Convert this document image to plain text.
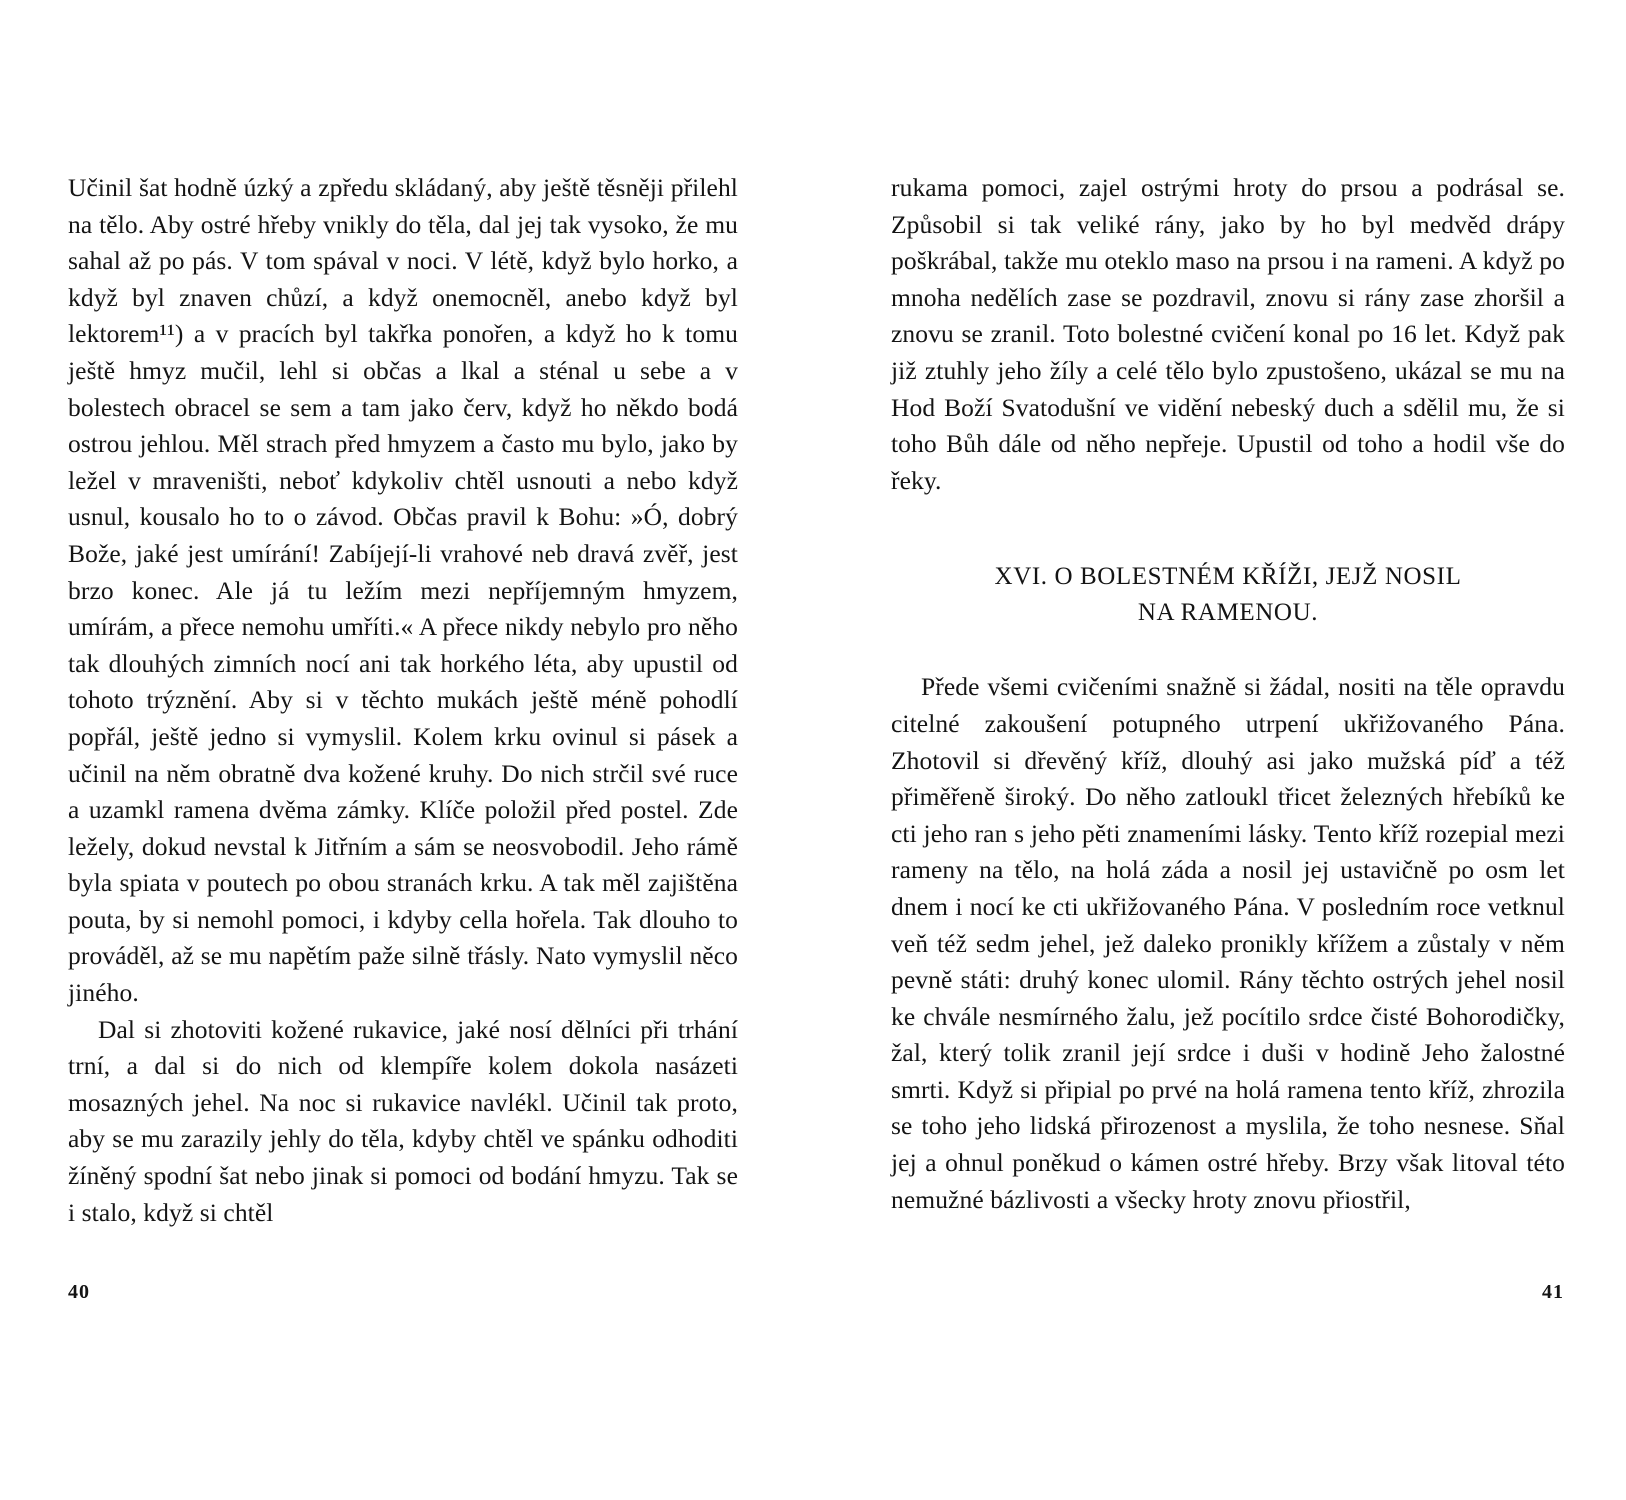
Učinil šat hodně úzký a zpředu skládaný, aby ještě těsněji přilehl na tělo. Aby ostré hřeby vnikly do těla, dal jej tak vysoko, že mu sahal až po pás. V tom spával v noci. V létě, když bylo horko, a když byl znaven chůzí, a když onemocněl, anebo když byl lektorem¹¹) a v pracích byl takřka ponořen, a když ho k tomu ještě hmyz mučil, lehl si občas a lkal a sténal u sebe a v bolestech obracel se sem a tam jako červ, když ho někdo bodá ostrou jehlou. Měl strach před hmyzem a často mu bylo, jako by ležel v mraveništi, neboť kdykoliv chtěl usnouti a nebo když usnul, kousalo ho to o závod. Občas pravil k Bohu: »Ó, dobrý Bože, jaké jest umírání! Zabíjejí-li vrahové neb dravá zvěř, jest brzo konec. Ale já tu ležím mezi nepříjemným hmyzem, umírám, a přece nemohu umříti.« A přece nikdy nebylo pro něho tak dlouhých zimních nocí ani tak horkého léta, aby upustil od tohoto trýznění. Aby si v těchto mukách ještě méně pohodlí popřál, ještě jedno si vymyslil. Kolem krku ovinul si pásek a učinil na něm obratně dva kožené kruhy. Do nich strčil své ruce a uzamkl ramena dvěma zámky. Klíče položil před postel. Zde ležely, dokud nevstal k Jitřním a sám se neosvobodil. Jeho rámě byla spiata v poutech po obou stranách krku. A tak měl zajištěna pouta, by si nemohl pomoci, i kdyby cella hořela. Tak dlouho to prováděl, až se mu napětím paže silně třásly. Nato vymyslil něco jiného.

Dal si zhotoviti kožené rukavice, jaké nosí dělníci při trhání trní, a dal si do nich od klempíře kolem dokola nasázeti mosazných jehel. Na noc si rukavice navlékl. Učinil tak proto, aby se mu zarazily jehly do těla, kdyby chtěl ve spánku odhoditi žíněný spodní šat nebo jinak si pomoci od bodání hmyzu. Tak se i stalo, když si chtěl

40

rukama pomoci, zajel ostrými hroty do prsou a podrásal se. Způsobil si tak veliké rány, jako by ho byl medvěd drápy poškrábal, takže mu oteklo maso na prsou i na rameni. A když po mnoha nedělích zase se pozdravil, znovu si rány zase zhoršil a znovu se zranil. Toto bolestné cvičení konal po 16 let. Když pak již ztuhly jeho žíly a celé tělo bylo zpustošeno, ukázal se mu na Hod Boží Svatodušní ve vidění nebeský duch a sdělil mu, že si toho Bůh dále od něho nepřeje. Upustil od toho a hodil vše do řeky.

XVI. O BOLESTNÉM KŘÍŽI, JEJŽ NOSIL
NA RAMENOU.

Přede všemi cvičeními snažně si žádal, nositi na těle opravdu citelné zakoušení potupného utrpení ukřižovaného Pána. Zhotovil si dřevěný kříž, dlouhý asi jako mužská píď a též přiměřeně široký. Do něho zatloukl třicet železných hřebíků ke cti jeho ran s jeho pěti znameními lásky. Tento kříž rozepial mezi rameny na tělo, na holá záda a nosil jej ustavičně po osm let dnem i nocí ke cti ukřižovaného Pána. V posledním roce vetknul veň též sedm jehel, jež daleko pronikly křížem a zůstaly v něm pevně státi: druhý konec ulomil. Rány těchto ostrých jehel nosil ke chvále nesmírného žalu, jež pocítilo srdce čisté Bohorodičky, žal, který tolik zranil její srdce i duši v hodině Jeho žalostné smrti. Když si připial po prvé na holá ramena tento kříž, zhrozila se toho jeho lidská přirozenost a myslila, že toho nesnese. Sňal jej a ohnul poněkud o kámen ostré hřeby. Brzy však litoval této nemužné bázlivosti a všecky hroty znovu přiostřil,

41
